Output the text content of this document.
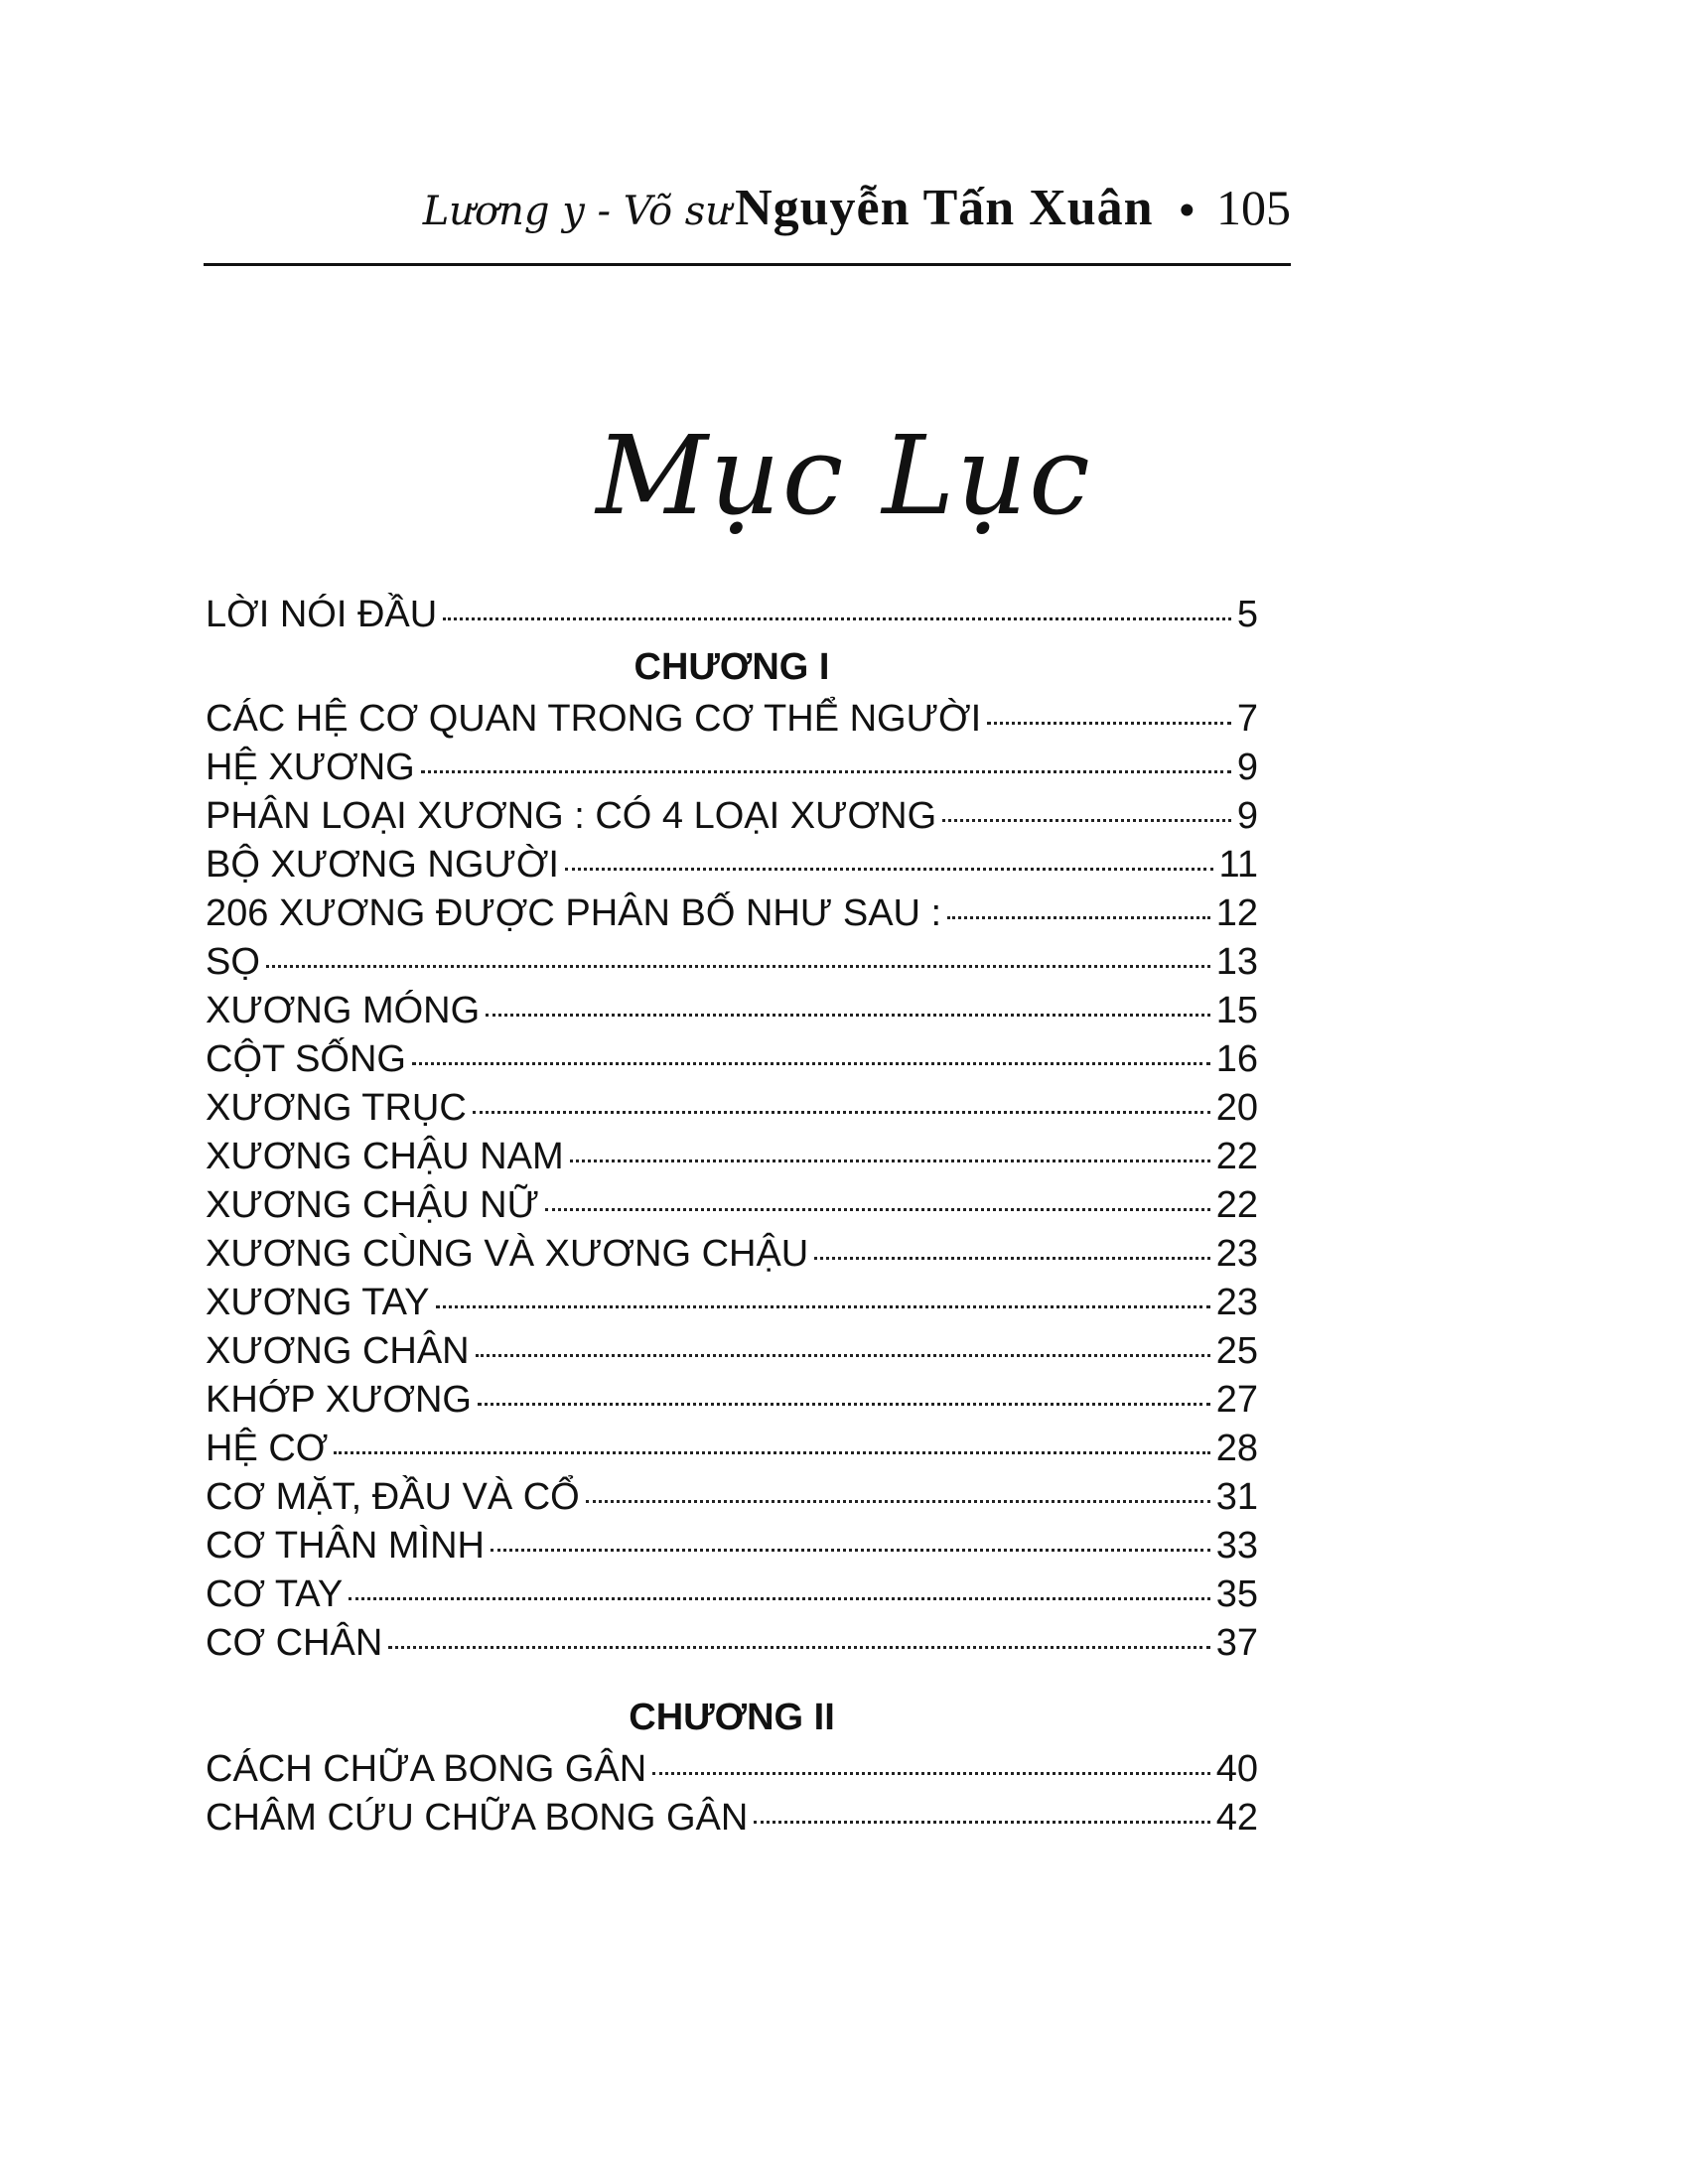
Lương y - Võ sư Nguyễn Tấn Xuân • 105
Mục Lục
LỜI NÓI ĐẦU	5
CHƯƠNG I
CÁC HỆ CƠ QUAN TRONG CƠ THỂ NGƯỜI	7
HỆ XƯƠNG	9
PHÂN LOẠI XƯƠNG : CÓ 4 LOẠI XƯƠNG	9
BỘ XƯƠNG NGƯỜI	11
206 XƯƠNG ĐƯỢC PHÂN BỐ NHƯ SAU :	12
SỌ	13
XƯƠNG MÓNG	15
CỘT SỐNG	16
XƯƠNG TRỤC	20
XƯƠNG CHẬU NAM	22
XƯƠNG CHẬU NỮ	22
XƯƠNG CÙNG VÀ XƯƠNG CHẬU	23
XƯƠNG TAY	23
XƯƠNG CHÂN	25
KHỚP XƯƠNG	27
HỆ CƠ	28
CƠ MẶT, ĐẦU VÀ CỔ	31
CƠ THÂN MÌNH	33
CƠ TAY	35
CƠ CHÂN	37
CHƯƠNG II
CÁCH CHỮA BONG GÂN	40
CHÂM CỨU CHỮA BONG GÂN	42
